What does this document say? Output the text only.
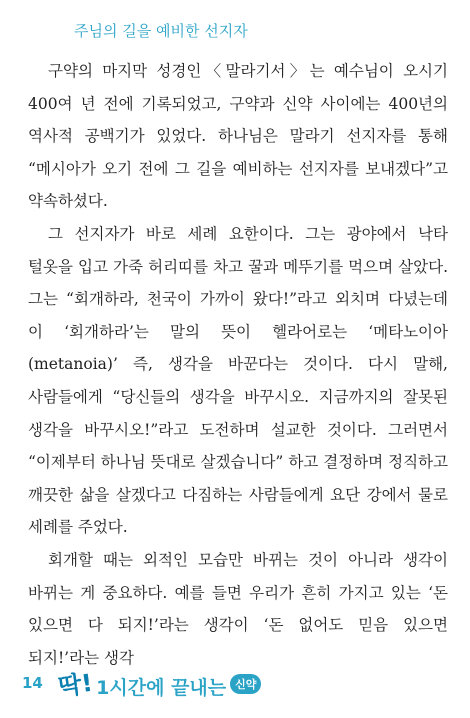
주님의 길을 예비한 선지자

구약의 마지막 성경인〈말라기서〉는 예수님이 오시기 400여 년 전에 기록되었고, 구약과 신약 사이에는 400년의 역사적 공백기가 있었다. 하나님은 말라기 선지자를 통해 “메시아가 오기 전에 그 길을 예비하는 선지자를 보내겠다”고 약속하셨다.

그 선지자가 바로 세례 요한이다. 그는 광야에서 낙타 털옷을 입고 가죽 허리띠를 차고 꿀과 메뚜기를 먹으며 살았다. 그는 “회개하라, 천국이 가까이 왔다!”라고 외치며 다녔는데 이 ‘회개하라’는 말의 뜻이 헬라어로는 ‘메타노이아(metanoia)’ 즉, 생각을 바꾼다는 것이다. 다시 말해, 사람들에게 “당신들의 생각을 바꾸시오. 지금까지의 잘못된 생각을 바꾸시오!”라고 도전하며 설교한 것이다. 그러면서 “이제부터 하나님 뜻대로 살겠습니다” 하고 결정하며 정직하고 깨끗한 삶을 살겠다고 다짐하는 사람들에게 요단 강에서 물로 세례를 주었다.

회개할 때는 외적인 모습만 바뀌는 것이 아니라 생각이 바뀌는 게 중요하다. 예를 들면 우리가 흔히 가지고 있는 ‘돈 있으면 다 되지!’라는 생각이 ‘돈 없어도 믿음 있으면 되지!’라는 생각

14 딱! 1시간에 끝내는 신약
